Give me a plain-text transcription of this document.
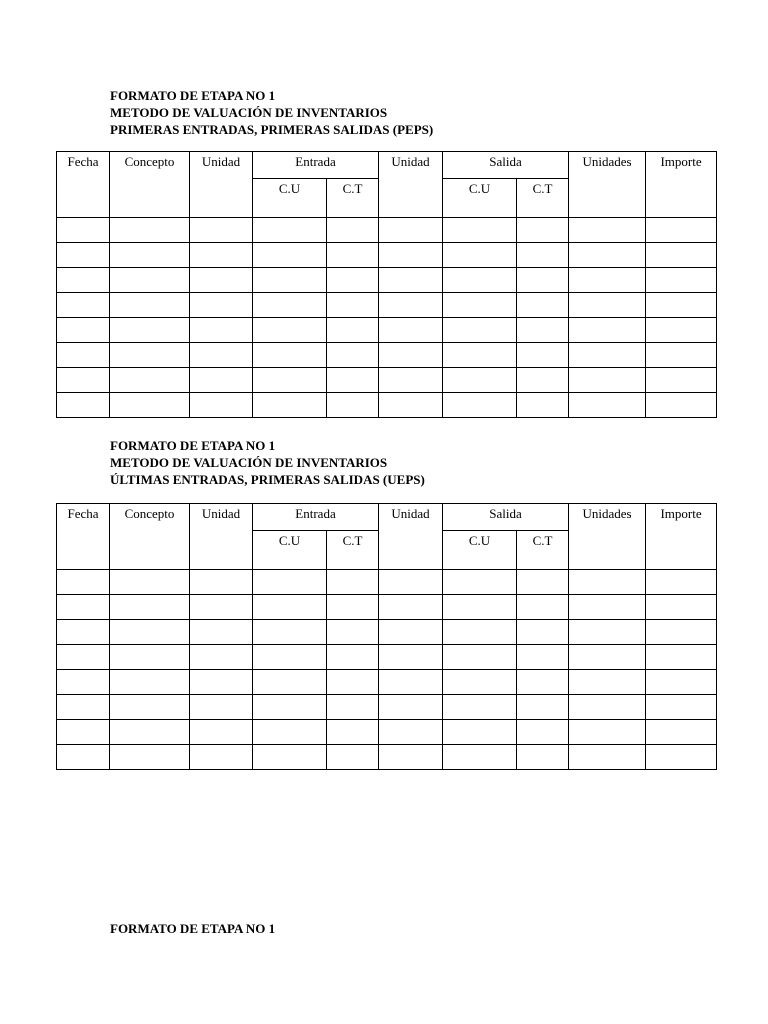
FORMATO DE ETAPA NO 1
METODO DE VALUACIÓN DE INVENTARIOS
PRIMERAS ENTRADAS, PRIMERAS SALIDAS (PEPS)
Fecha	Concepto	Unidad	Entrada		Unidad	Salida		Unidades	Importe
			C.U	C.T		C.U	C.T		

FORMATO DE ETAPA NO 1
METODO DE VALUACIÓN DE INVENTARIOS
ÚLTIMAS ENTRADAS, PRIMERAS SALIDAS (UEPS)
Fecha	Concepto	Unidad	Entrada		Unidad	Salida		Unidades	Importe
			C.U	C.T		C.U	C.T		

FORMATO DE ETAPA NO 1
